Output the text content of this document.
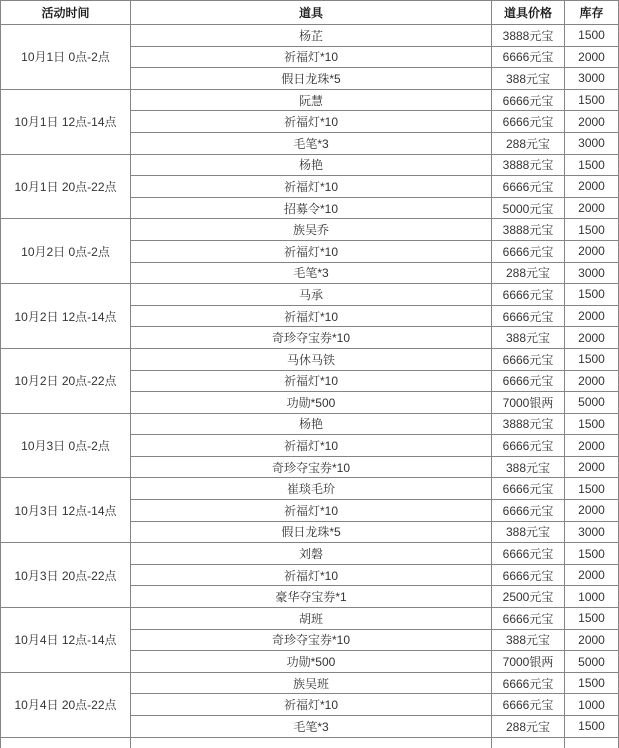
活动时间	道具	道具价格	库存
10月1日 0点-2点	杨芷	3888元宝	1500
	祈福灯*10	6666元宝	2000
	假日龙珠*5	388元宝	3000
10月1日 12点-14点	阮慧	6666元宝	1500
	祈福灯*10	6666元宝	2000
	毛笔*3	288元宝	3000
10月1日 20点-22点	杨艳	3888元宝	1500
	祈福灯*10	6666元宝	2000
	招募令*10	5000元宝	2000
10月2日 0点-2点	族吴乔	3888元宝	1500
	祈福灯*10	6666元宝	2000
	毛笔*3	288元宝	3000
10月2日 12点-14点	马承	6666元宝	1500
	祈福灯*10	6666元宝	2000
	奇珍夺宝券*10	388元宝	2000
10月2日 20点-22点	马休马铁	6666元宝	1500
	祈福灯*10	6666元宝	2000
	功勋*500	7000银两	5000
10月3日 0点-2点	杨艳	3888元宝	1500
	祈福灯*10	6666元宝	2000
	奇珍夺宝券*10	388元宝	2000
10月3日 12点-14点	崔琰毛玠	6666元宝	1500
	祈福灯*10	6666元宝	2000
	假日龙珠*5	388元宝	3000
10月3日 20点-22点	刘磐	6666元宝	1500
	祈福灯*10	6666元宝	2000
	豪华夺宝券*1	2500元宝	1000
10月4日 12点-14点	胡班	6666元宝	1500
	奇珍夺宝券*10	388元宝	2000
	功勋*500	7000银两	5000
10月4日 20点-22点	族吴班	6666元宝	1500
	祈福灯*10	6666元宝	1000
	毛笔*3	288元宝	1500
